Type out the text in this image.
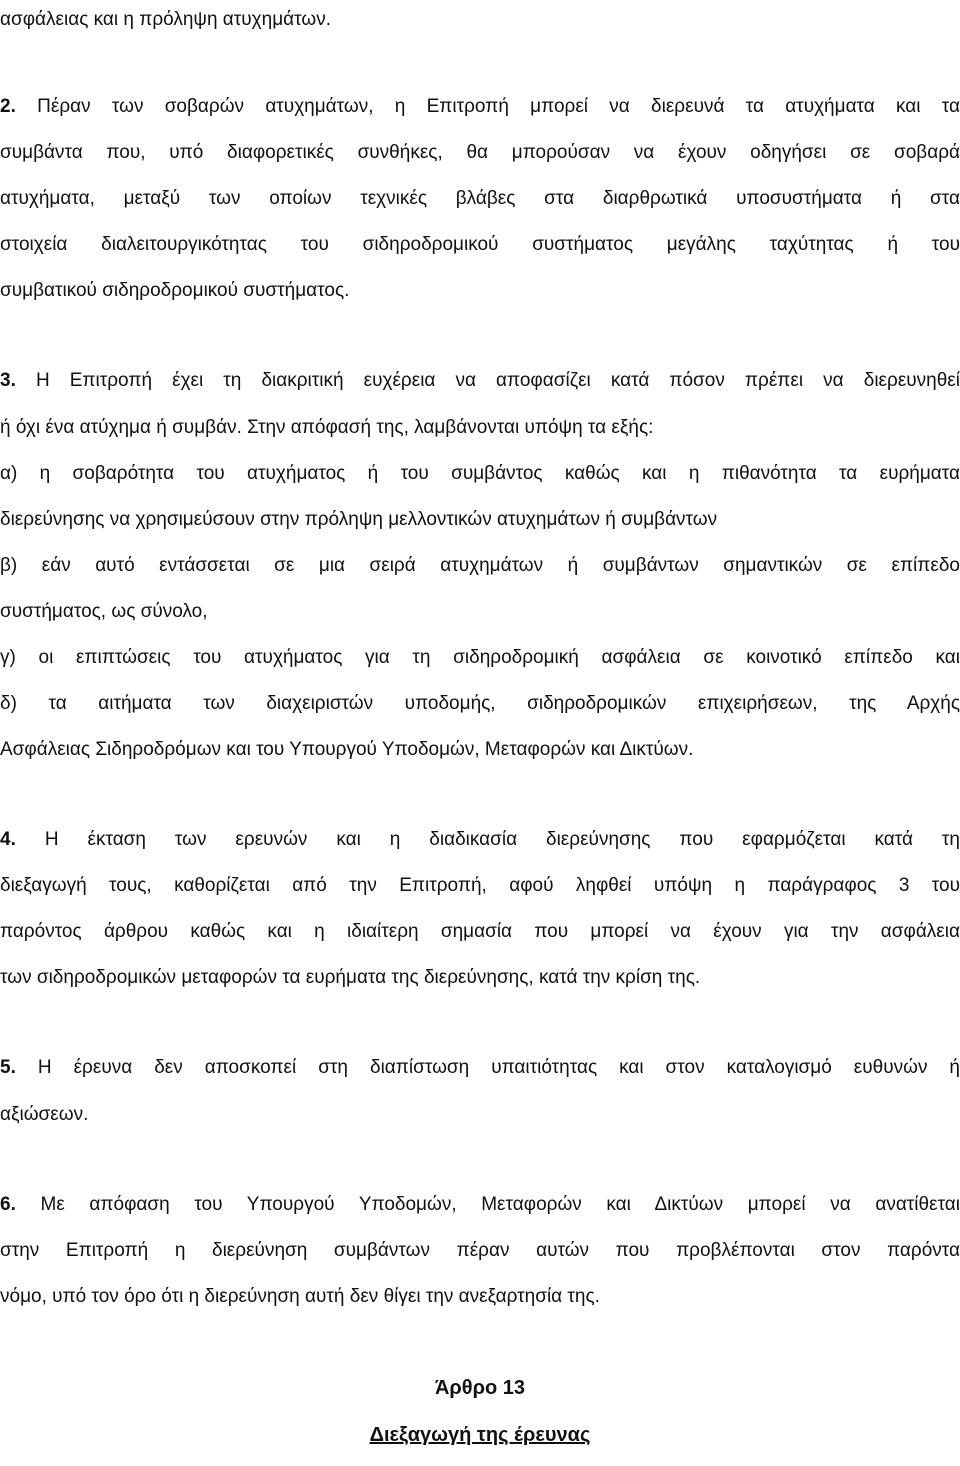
ασφάλειας και η πρόληψη ατυχημάτων.
2. Πέραν των σοβαρών ατυχημάτων, η Επιτροπή μπορεί να διερευνά τα ατυχήματα και τα
συμβάντα που, υπό διαφορετικές συνθήκες, θα μπορούσαν να έχουν οδηγήσει σε σοβαρά
ατυχήματα, μεταξύ των οποίων τεχνικές βλάβες στα διαρθρωτικά υποσυστήματα ή στα
στοιχεία διαλειτουργικότητας του σιδηροδρομικού συστήματος μεγάλης ταχύτητας ή του
συμβατικού σιδηροδρομικού συστήματος.
3. Η Επιτροπή έχει τη διακριτική ευχέρεια να αποφασίζει κατά πόσον πρέπει να διερευνηθεί
ή όχι ένα ατύχημα ή συμβάν. Στην απόφασή της, λαμβάνονται υπόψη τα εξής:
α) η σοβαρότητα του ατυχήματος ή του συμβάντος καθώς και η πιθανότητα τα ευρήματα
διερεύνησης να χρησιμεύσουν στην πρόληψη μελλοντικών ατυχημάτων ή συμβάντων
β) εάν αυτό εντάσσεται σε μια σειρά ατυχημάτων ή συμβάντων σημαντικών σε επίπεδο
συστήματος, ως σύνολο,
γ) οι επιπτώσεις του ατυχήματος για τη σιδηροδρομική ασφάλεια σε κοινοτικό επίπεδο και
δ) τα αιτήματα των διαχειριστών υποδομής, σιδηροδρομικών επιχειρήσεων, της Αρχής
Ασφάλειας Σιδηροδρόμων και του Υπουργού Υποδομών, Μεταφορών και Δικτύων.
4. Η έκταση των ερευνών και η διαδικασία διερεύνησης που εφαρμόζεται κατά τη
διεξαγωγή τους, καθορίζεται από την Επιτροπή, αφού ληφθεί υπόψη η παράγραφος 3 του
παρόντος άρθρου καθώς και η ιδιαίτερη σημασία που μπορεί να έχουν για την ασφάλεια
των σιδηροδρομικών μεταφορών τα ευρήματα της διερεύνησης, κατά την κρίση της.
5. Η έρευνα δεν αποσκοπεί στη διαπίστωση υπαιτιότητας και στον καταλογισμό ευθυνών ή
αξιώσεων.
6. Με απόφαση του Υπουργού Υποδομών, Μεταφορών και Δικτύων μπορεί να ανατίθεται
στην Επιτροπή η διερεύνηση συμβάντων πέραν αυτών που προβλέπονται στον παρόντα
νόμο, υπό τον όρο ότι η διερεύνηση αυτή δεν θίγει την ανεξαρτησία της.
Άρθρο 13
Διεξαγωγή της έρευνας
